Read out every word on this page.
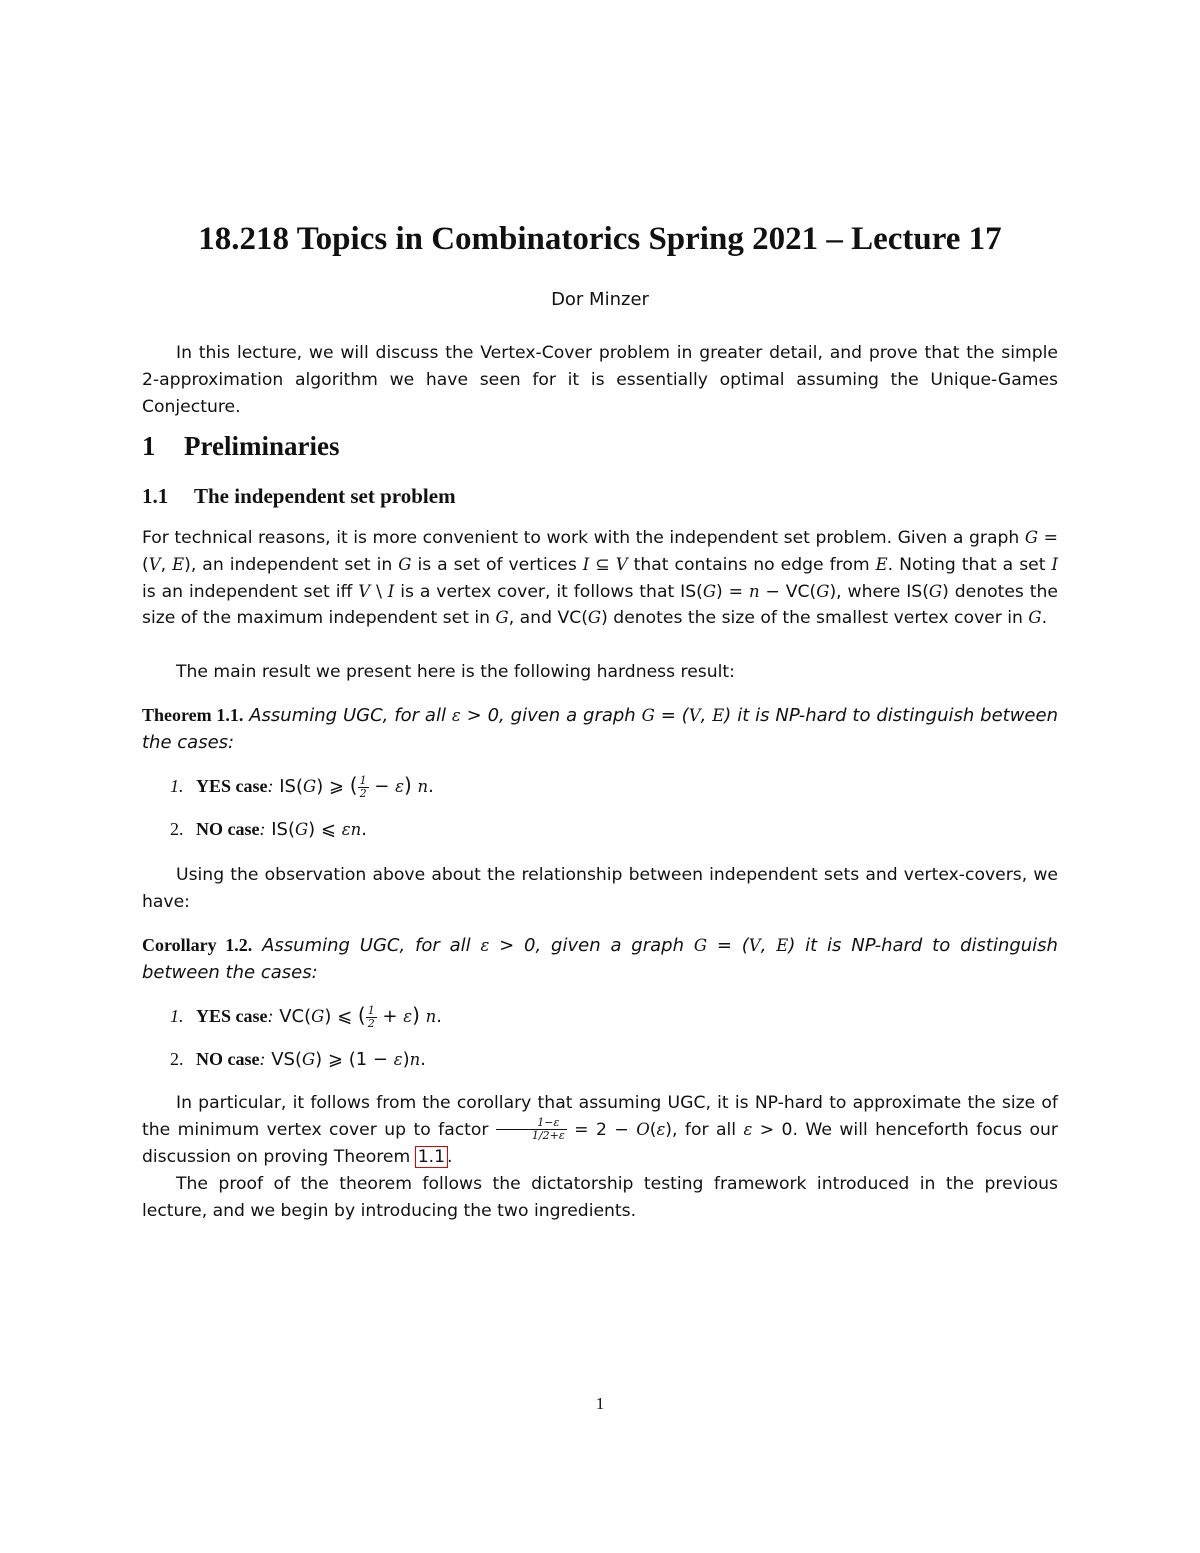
18.218 Topics in Combinatorics Spring 2021 – Lecture 17
Dor Minzer

In this lecture, we will discuss the Vertex-Cover problem in greater detail, and prove that the simple 2-approximation algorithm we have seen for it is essentially optimal assuming the Unique-Games Conjecture.

1 Preliminaries
1.1 The independent set problem

For technical reasons, it is more convenient to work with the independent set problem. Given a graph G = (V, E), an independent set in G is a set of vertices I ⊆ V that contains no edge from E. Noting that a set I is an independent set iff V \ I is a vertex cover, it follows that IS(G) = n − VC(G), where IS(G) denotes the size of the maximum independent set in G, and VC(G) denotes the size of the smallest vertex cover in G.

The main result we present here is the following hardness result:

Theorem 1.1. Assuming UGC, for all ε > 0, given a graph G = (V, E) it is NP-hard to distinguish between the cases:

1. YES case: IS(G) ⩾ ( $\frac{1}{2} - \varepsilon$) n.
2. NO case: IS(G) ⩽ εn.

Using the observation above about the relationship between independent sets and vertex-covers, we have:

Corollary 1.2. Assuming UGC, for all ε > 0, given a graph G = (V, E) it is NP-hard to distinguish between the cases:

1. YES case: VC(G) ⩽ ( $\frac{1}{2} + \varepsilon$) n.
2. NO case: VS(G) ⩾ (1 − ε)n.

In particular, it follows from the corollary that assuming UGC, it is NP-hard to approximate the size of the minimum vertex cover up to factor $\frac{1-\varepsilon}{1/2+\varepsilon} = 2 - O(\varepsilon)$, for all ε > 0. We will henceforth focus our discussion on proving Theorem 1.1 .

The proof of the theorem follows the dictatorship testing framework introduced in the previous lecture, and we begin by introducing the two ingredients.

1
